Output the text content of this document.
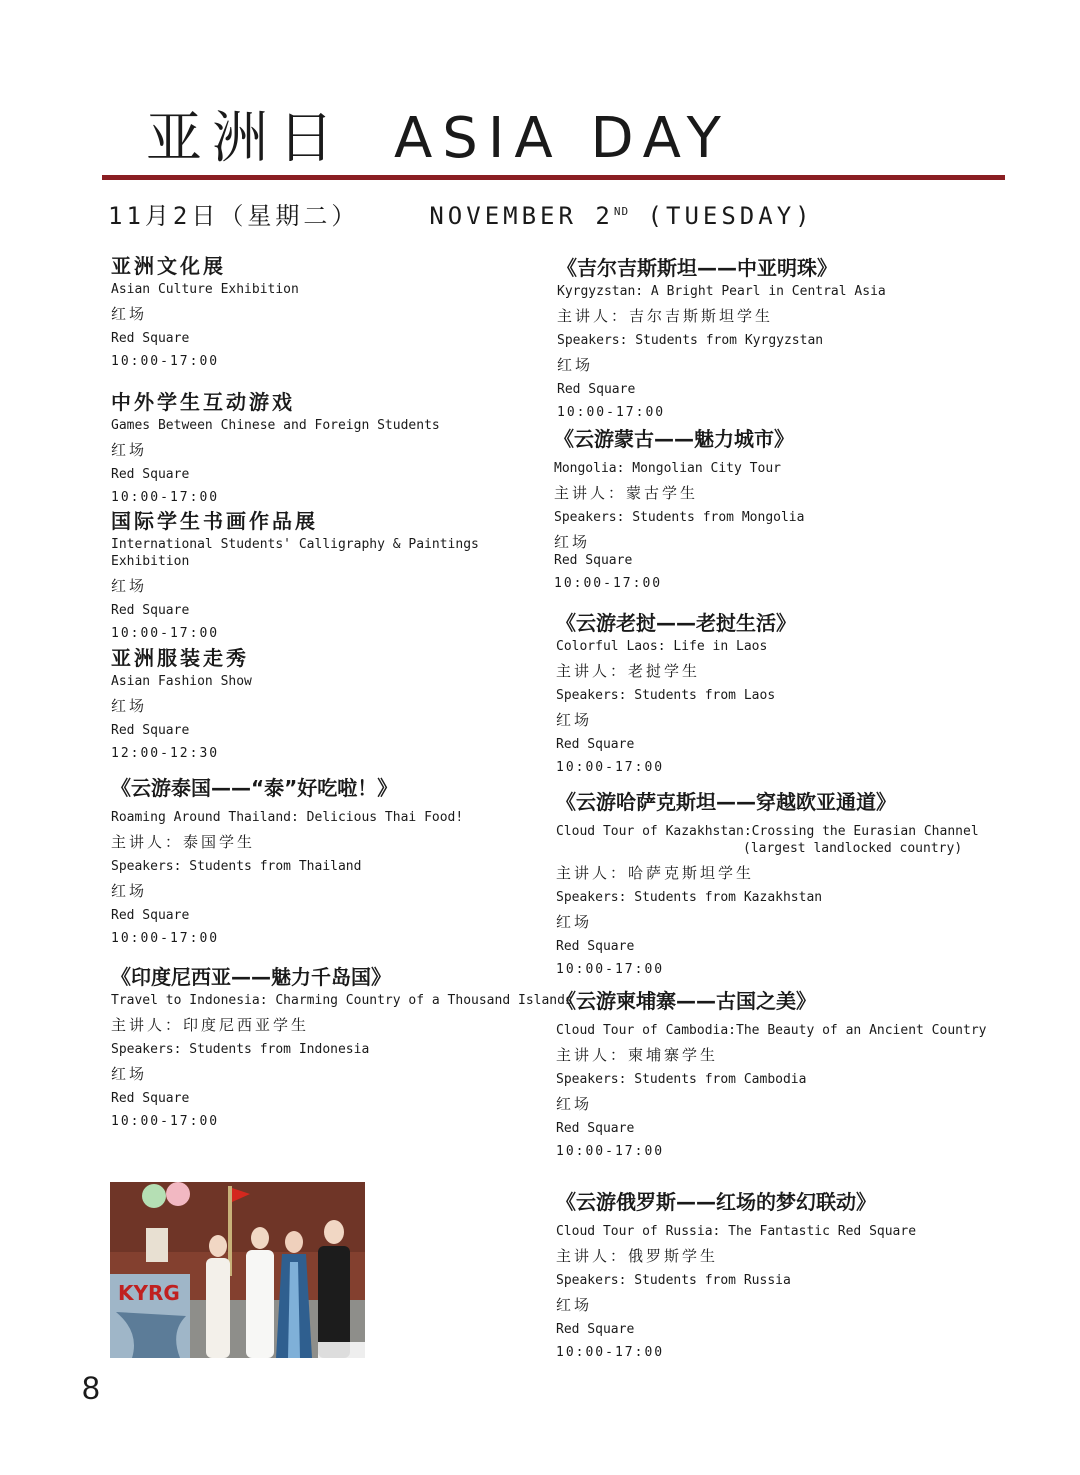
亚洲日 ASIA DAY
11月2日（星期二）	NOVEMBER 2ND (TUESDAY)
亚洲文化展
Asian Culture Exhibition
红场
Red Square
10:00-17:00
中外学生互动游戏
Games Between Chinese and Foreign Students
红场
Red Square
10:00-17:00
国际学生书画作品展
International Students' Calligraphy & Paintings
Exhibition
红场
Red Square
10:00-17:00
亚洲服装走秀
Asian Fashion Show
红场
Red Square
12:00-12:30
《云游泰国——“泰”好吃啦！》
Roaming Around Thailand: Delicious Thai Food!
主讲人：泰国学生
Speakers: Students from Thailand
红场
Red Square
10:00-17:00
《印度尼西亚——魅力千岛国》
Travel to Indonesia: Charming Country of a Thousand Islands
主讲人：印度尼西亚学生
Speakers: Students from Indonesia
红场
Red Square
10:00-17:00
《吉尔吉斯斯坦——中亚明珠》
Kyrgyzstan: A Bright Pearl in Central Asia
主讲人：吉尔吉斯斯坦学生
Speakers: Students from Kyrgyzstan
红场
Red Square
10:00-17:00
《云游蒙古——魅力城市》
Mongolia: Mongolian City Tour
主讲人：蒙古学生
Speakers: Students from Mongolia
红场
Red Square
10:00-17:00
《云游老挝——老挝生活》
Colorful Laos: Life in Laos
主讲人：老挝学生
Speakers: Students from Laos
红场
Red Square
10:00-17:00
《云游哈萨克斯坦——穿越欧亚通道》
Cloud Tour of Kazakhstan:Crossing the Eurasian Channel
(largest landlocked country)
主讲人：哈萨克斯坦学生
Speakers: Students from Kazakhstan
红场
Red Square
10:00-17:00
《云游柬埔寨——古国之美》
Cloud Tour of Cambodia:The Beauty of an Ancient Country
主讲人：柬埔寨学生
Speakers: Students from Cambodia
红场
Red Square
10:00-17:00
《云游俄罗斯——红场的梦幻联动》
Cloud Tour of Russia: The Fantastic Red Square
主讲人：俄罗斯学生
Speakers: Students from Russia
红场
Red Square
10:00-17:00
KYRG
8
